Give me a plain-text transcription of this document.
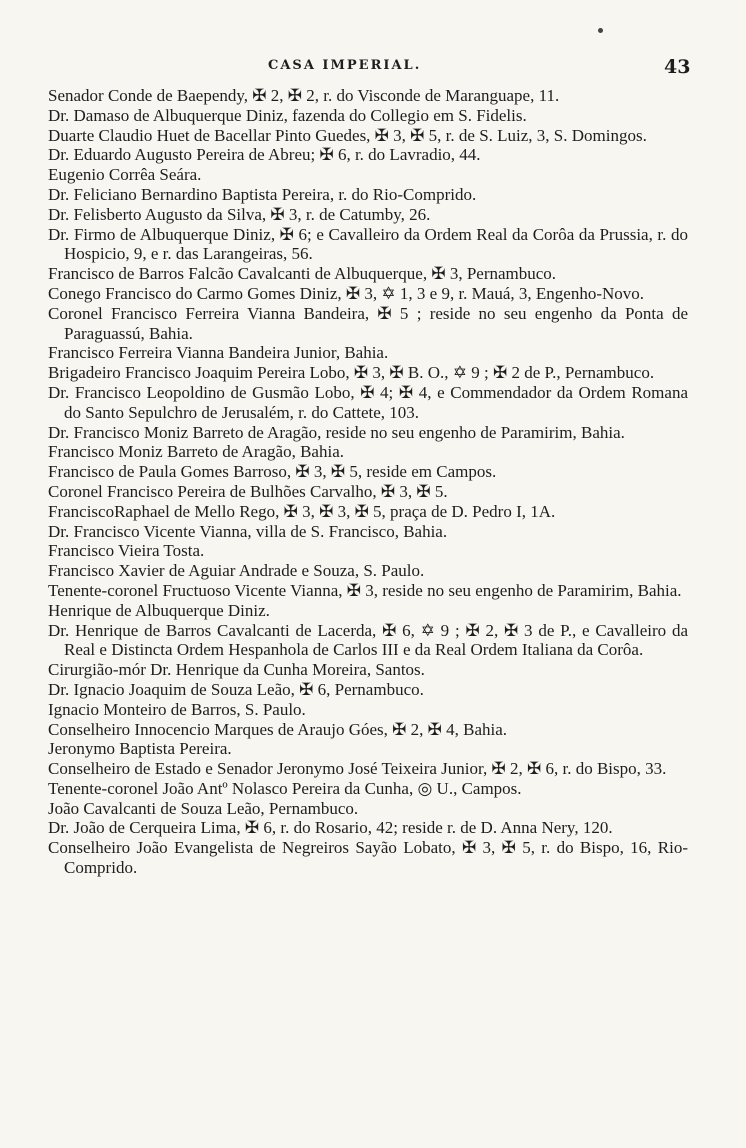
CASA IMPERIAL.	43
Senador Conde de Baependy, ✠ 2, ✠ 2, r. do Visconde de Maranguape, 11.
Dr. Damaso de Albuquerque Diniz, fazenda do Collegio em S. Fidelis.
Duarte Claudio Huet de Bacellar Pinto Guedes, ✠ 3, ✠ 5, r. de S. Luiz, 3, S. Domingos.
Dr. Eduardo Augusto Pereira de Abreu; ✠ 6, r. do Lavradio, 44.
Eugenio Corrêa Seára.
Dr. Feliciano Bernardino Baptista Pereira, r. do Rio-Comprido.
Dr. Felisberto Augusto da Silva, ✠ 3, r. de Catumby, 26.
Dr. Firmo de Albuquerque Diniz, ✠ 6; e Cavalleiro da Ordem Real da Corôa da Prussia, r. do Hospicio, 9, e r. das Larangeiras, 56.
Francisco de Barros Falcão Cavalcanti de Albuquerque, ✠ 3, Pernambuco.
Conego Francisco do Carmo Gomes Diniz, ✠ 3, ✡ 1, 3 e 9, r. Mauá, 3, Engenho-Novo.
Coronel Francisco Ferreira Vianna Bandeira, ✠ 5 ; reside no seu engenho da Ponta de Paraguassú, Bahia.
Francisco Ferreira Vianna Bandeira Junior, Bahia.
Brigadeiro Francisco Joaquim Pereira Lobo, ✠ 3, ✠ B. O., ✡ 9 ; ✠ 2 de P., Pernambuco.
Dr. Francisco Leopoldino de Gusmão Lobo, ✠ 4; ✠ 4, e Commendador da Ordem Romana do Santo Sepulchro de Jerusalém, r. do Cattete, 103.
Dr. Francisco Moniz Barreto de Aragão, reside no seu engenho de Paramirim, Bahia.
Francisco Moniz Barreto de Aragão, Bahia.
Francisco de Paula Gomes Barroso, ✠ 3, ✠ 5, reside em Campos.
Coronel Francisco Pereira de Bulhões Carvalho, ✠ 3, ✠ 5.
FranciscoRaphael de Mello Rego, ✠ 3, ✠ 3, ✠ 5, praça de D. Pedro I, 1A.
Dr. Francisco Vicente Vianna, villa de S. Francisco, Bahia.
Francisco Vieira Tosta.
Francisco Xavier de Aguiar Andrade e Souza, S. Paulo.
Tenente-coronel Fructuoso Vicente Vianna, ✠ 3, reside no seu engenho de Paramirim, Bahia.
Henrique de Albuquerque Diniz.
Dr. Henrique de Barros Cavalcanti de Lacerda, ✠ 6, ✡ 9 ; ✠ 2, ✠ 3 de P., e Cavalleiro da Real e Distincta Ordem Hespanhola de Carlos III e da Real Ordem Italiana da Corôa.
Cirurgião-mór Dr. Henrique da Cunha Moreira, Santos.
Dr. Ignacio Joaquim de Souza Leão, ✠ 6, Pernambuco.
Ignacio Monteiro de Barros, S. Paulo.
Conselheiro Innocencio Marques de Araujo Góes, ✠ 2, ✠ 4, Bahia.
Jeronymo Baptista Pereira.
Conselheiro de Estado e Senador Jeronymo José Teixeira Junior, ✠ 2, ✠ 6, r. do Bispo, 33.
Tenente-coronel João Antº Nolasco Pereira da Cunha, ◎ U., Campos.
João Cavalcanti de Souza Leão, Pernambuco.
Dr. João de Cerqueira Lima, ✠ 6, r. do Rosario, 42; reside r. de D. Anna Nery, 120.
Conselheiro João Evangelista de Negreiros Sayão Lobato, ✠ 3, ✠ 5, r. do Bispo, 16, Rio-Comprido.
